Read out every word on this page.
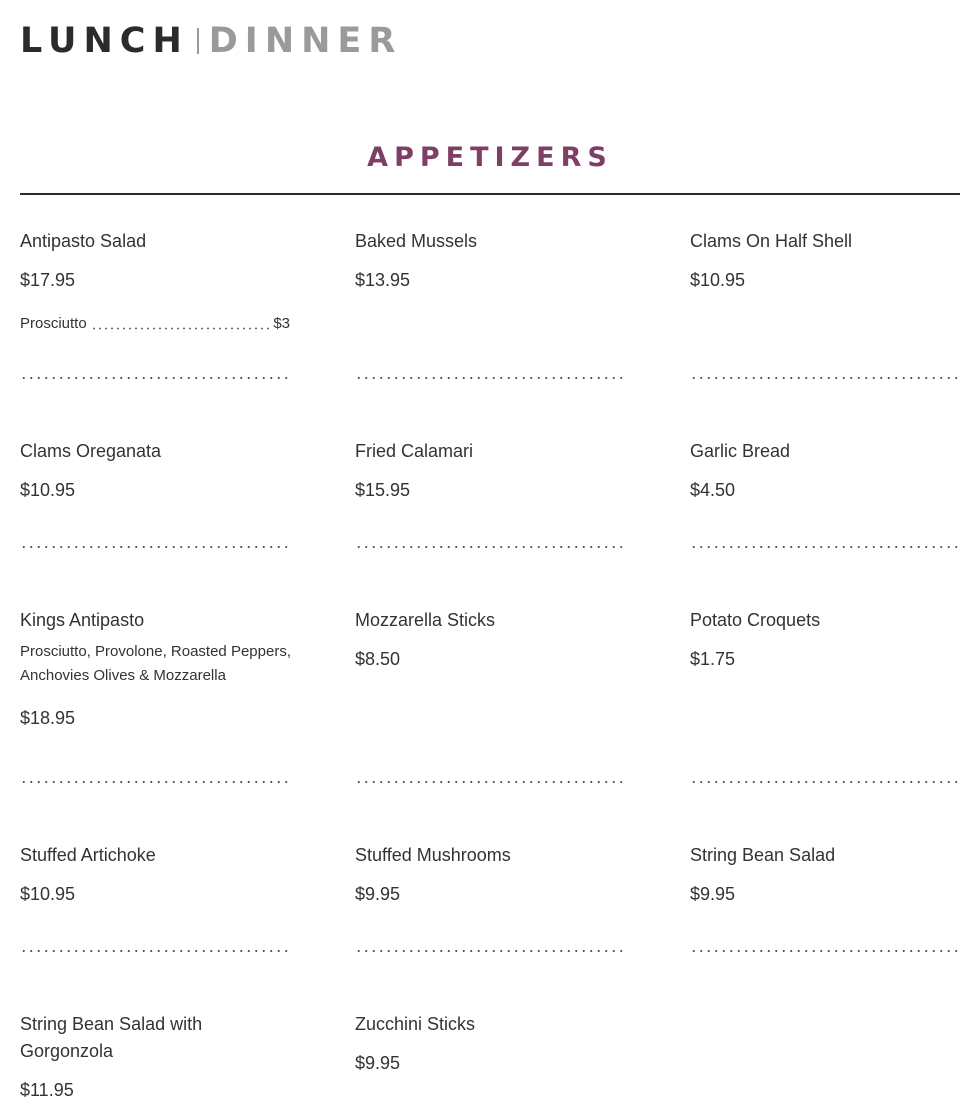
LUNCH DINNER
APPETIZERS
Antipasto Salad
$17.95
Prosciutto	$3
Baked Mussels
$13.95
Clams On Half Shell
$10.95
Clams Oreganata
$10.95
Fried Calamari
$15.95
Garlic Bread
$4.50
Kings Antipasto
Prosciutto, Provolone, Roasted Peppers, Anchovies Olives & Mozzarella
$18.95
Mozzarella Sticks
$8.50
Potato Croquets
$1.75
Stuffed Artichoke
$10.95
Stuffed Mushrooms
$9.95
String Bean Salad
$9.95
String Bean Salad with Gorgonzola
$11.95
Zucchini Sticks
$9.95
